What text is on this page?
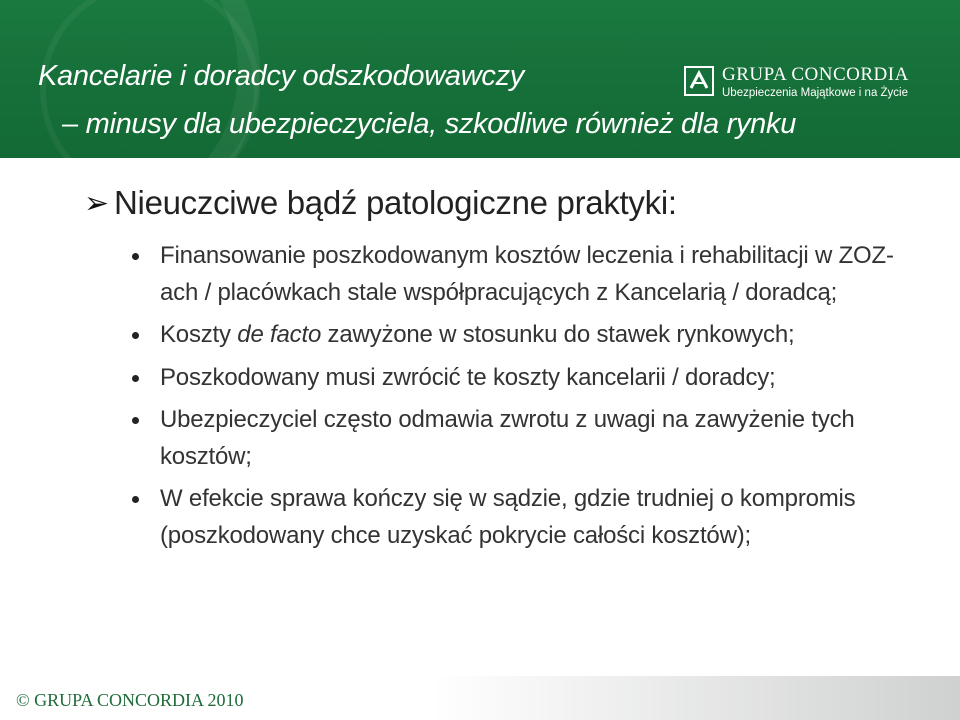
Kancelarie i doradcy odszkodowawczy
– minusy dla ubezpieczyciela, szkodliwe również dla rynku
GRUPA CONCORDIA
Ubezpieczenia Majątkowe i na Życie
➢ Nieuczciwe bądź patologiczne praktyki:
Finansowanie poszkodowanym kosztów leczenia i rehabilitacji w ZOZ-ach / placówkach stale współpracujących z Kancelarią / doradcą;
Koszty de facto zawyżone w stosunku do stawek rynkowych;
Poszkodowany musi zwrócić te koszty kancelarii / doradcy;
Ubezpieczyciel często odmawia zwrotu z uwagi na zawyżenie tych kosztów;
W efekcie sprawa kończy się w sądzie, gdzie trudniej o kompromis (poszkodowany chce uzyskać pokrycie całości kosztów);
© GRUPA CONCORDIA 2010
